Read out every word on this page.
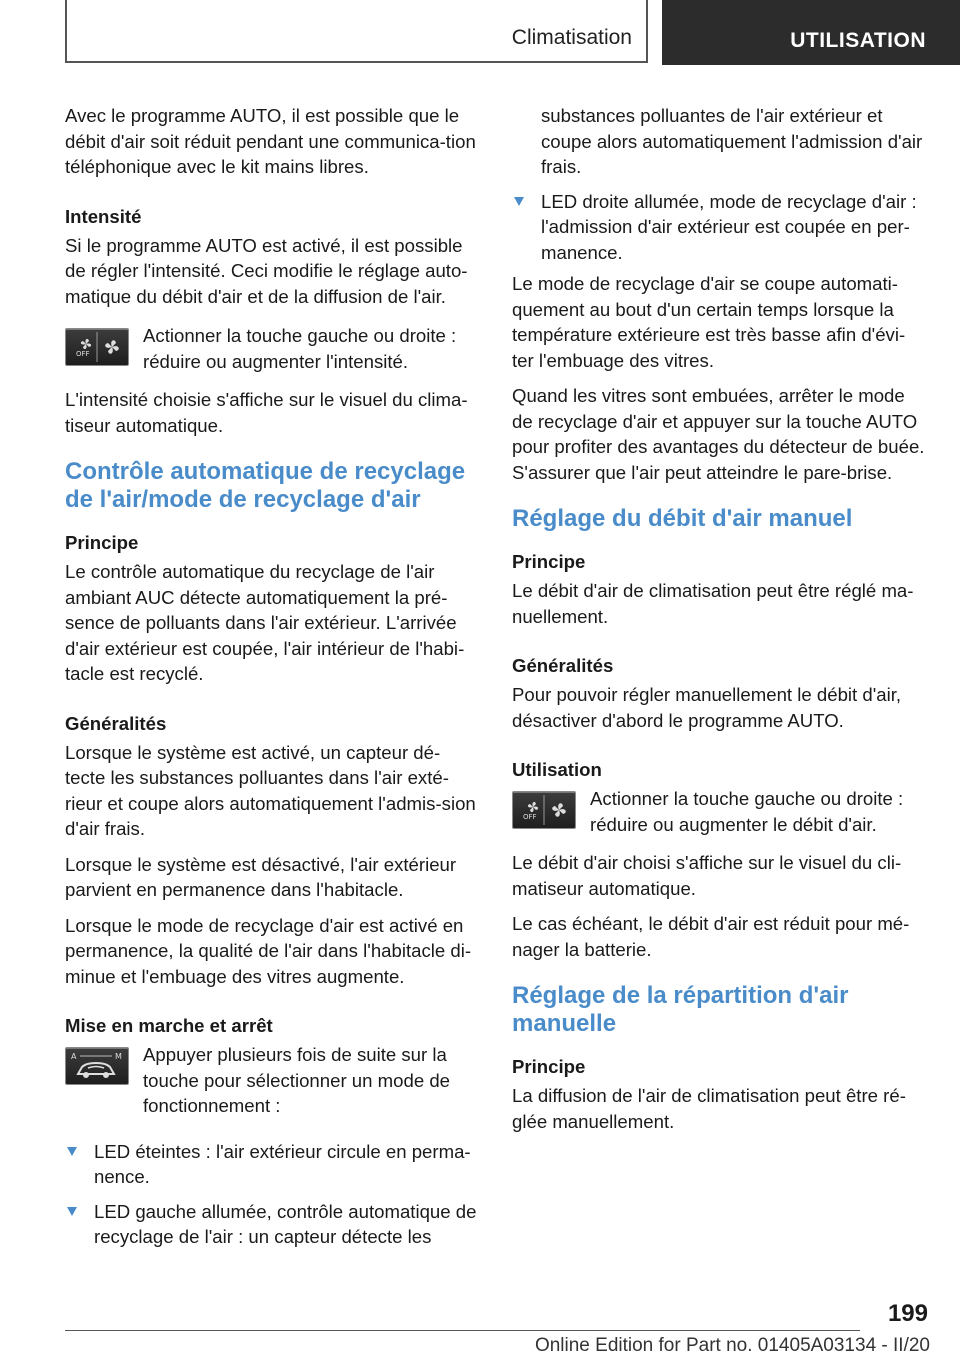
Climatisation	UTILISATION

Avec le programme AUTO, il est possible que le débit d'air soit réduit pendant une communica-tion téléphonique avec le kit mains libres.

Intensité

Si le programme AUTO est activé, il est possible de régler l'intensité. Ceci modifie le réglage auto-matique du débit d'air et de la diffusion de l'air.

OFF

Actionner la touche gauche ou droite : réduire ou augmenter l'intensité.

L'intensité choisie s'affiche sur le visuel du clima-tiseur automatique.

Contrôle automatique de recyclage de l'air/mode de recyclage d'air
Principe

Le contrôle automatique du recyclage de l'air ambiant AUC détecte automatiquement la pré-sence de polluants dans l'air extérieur. L'arrivée d'air extérieur est coupée, l'air intérieur de l'habi-tacle est recyclé.

Généralités

Lorsque le système est activé, un capteur dé-tecte les substances polluantes dans l'air exté-rieur et coupe alors automatiquement l'admis-sion d'air frais.

Lorsque le système est désactivé, l'air extérieur parvient en permanence dans l'habitacle.

Lorsque le mode de recyclage d'air est activé en permanence, la qualité de l'air dans l'habitacle di-minue et l'embuage des vitres augmente.

Mise en marche et arrêt
A	M Appuyer plusieurs fois de suite sur la touche pour sélectionner un mode de fonctionnement :

LED éteintes : l'air extérieur circule en perma-nence.
LED gauche allumée, contrôle automatique de recyclage de l'air : un capteur détecte les
substances polluantes de l'air extérieur et coupe alors automatiquement l'admission d'air frais.
LED droite allumée, mode de recyclage d'air : l'admission d'air extérieur est coupée en per-manence.

Le mode de recyclage d'air se coupe automati-quement au bout d'un certain temps lorsque la température extérieure est très basse afin d'évi-ter l'embuage des vitres.

Quand les vitres sont embuées, arrêter le mode de recyclage d'air et appuyer sur la touche AUTO pour profiter des avantages du détecteur de buée. S'assurer que l'air peut atteindre le pare-brise.

Réglage du débit d'air manuel
Principe

Le débit d'air de climatisation peut être réglé ma-nuellement.

Généralités

Pour pouvoir régler manuellement le débit d'air, désactiver d'abord le programme AUTO.

Utilisation
OFF

Actionner la touche gauche ou droite : réduire ou augmenter le débit d'air.

Le débit d'air choisi s'affiche sur le visuel du cli-matiseur automatique.

Le cas échéant, le débit d'air est réduit pour mé-nager la batterie.

Réglage de la répartition d'air manuelle
Principe

La diffusion de l'air de climatisation peut être ré-glée manuellement.

199
Online Edition for Part no. 01405A03134 - II/20
